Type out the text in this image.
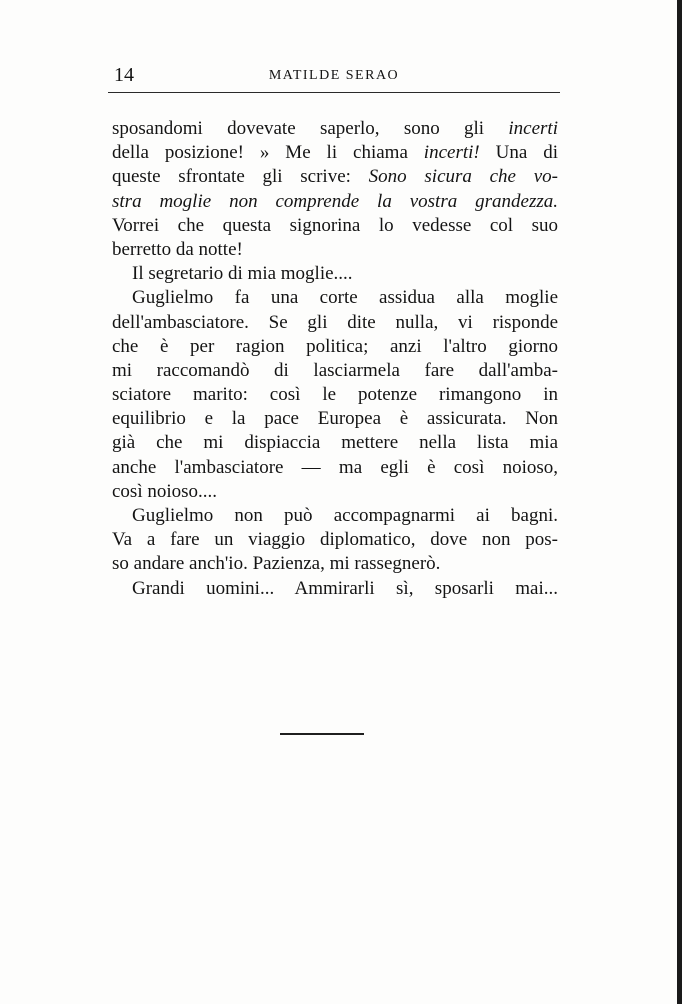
14	MATILDE SERAO
sposandomi dovevate saperlo, sono gli incerti
della posizione! » Me li chiama incerti! Una di
queste sfrontate gli scrive: Sono sicura che vo-
stra moglie non comprende la vostra grandezza.
Vorrei che questa signorina lo vedesse col suo
berretto da notte!
Il segretario di mia moglie....
Guglielmo fa una corte assidua alla moglie
dell'ambasciatore. Se gli dite nulla, vi risponde
che è per ragion politica; anzi l'altro giorno
mi raccomandò di lasciarmela fare dall'amba-
sciatore marito: così le potenze rimangono in
equilibrio e la pace Europea è assicurata. Non
già che mi dispiaccia mettere nella lista mia
anche l'ambasciatore — ma egli è così noioso,
così noioso....
Guglielmo non può accompagnarmi ai bagni.
Va a fare un viaggio diplomatico, dove non pos-
so andare anch'io. Pazienza, mi rassegnerò.
Grandi uomini... Ammirarli sì, sposarli mai...
